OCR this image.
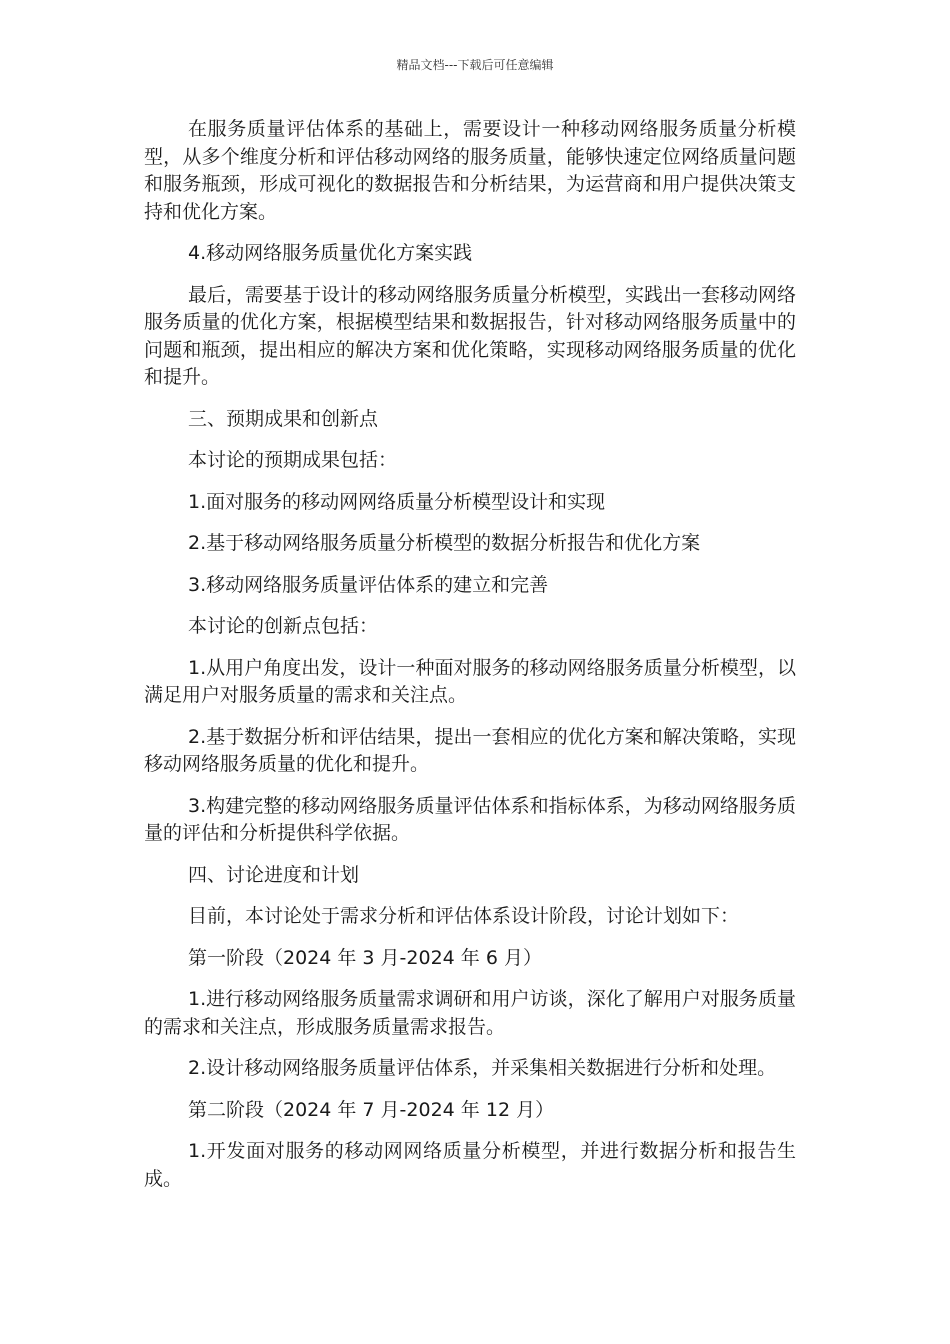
精品文档---下载后可任意编辑

在服务质量评估体系的基础上，需要设计一种移动网络服务质量分析模型，从多个维度分析和评估移动网络的服务质量，能够快速定位网络质量问题和服务瓶颈，形成可视化的数据报告和分析结果，为运营商和用户提供决策支持和优化方案。

4.移动网络服务质量优化方案实践

最后，需要基于设计的移动网络服务质量分析模型，实践出一套移动网络服务质量的优化方案，根据模型结果和数据报告，针对移动网络服务质量中的问题和瓶颈，提出相应的解决方案和优化策略，实现移动网络服务质量的优化和提升。

三、预期成果和创新点

本讨论的预期成果包括：

1.面对服务的移动网网络质量分析模型设计和实现

2.基于移动网络服务质量分析模型的数据分析报告和优化方案

3.移动网络服务质量评估体系的建立和完善

本讨论的创新点包括：

1.从用户角度出发，设计一种面对服务的移动网络服务质量分析模型，以满足用户对服务质量的需求和关注点。

2.基于数据分析和评估结果，提出一套相应的优化方案和解决策略，实现移动网络服务质量的优化和提升。

3.构建完整的移动网络服务质量评估体系和指标体系，为移动网络服务质量的评估和分析提供科学依据。

四、讨论进度和计划

目前，本讨论处于需求分析和评估体系设计阶段，讨论计划如下：

第一阶段（2024 年 3 月-2024 年 6 月）

1.进行移动网络服务质量需求调研和用户访谈，深化了解用户对服务质量的需求和关注点，形成服务质量需求报告。

2.设计移动网络服务质量评估体系，并采集相关数据进行分析和处理。

第二阶段（2024 年 7 月-2024 年 12 月）

1.开发面对服务的移动网网络质量分析模型，并进行数据分析和报告生成。
